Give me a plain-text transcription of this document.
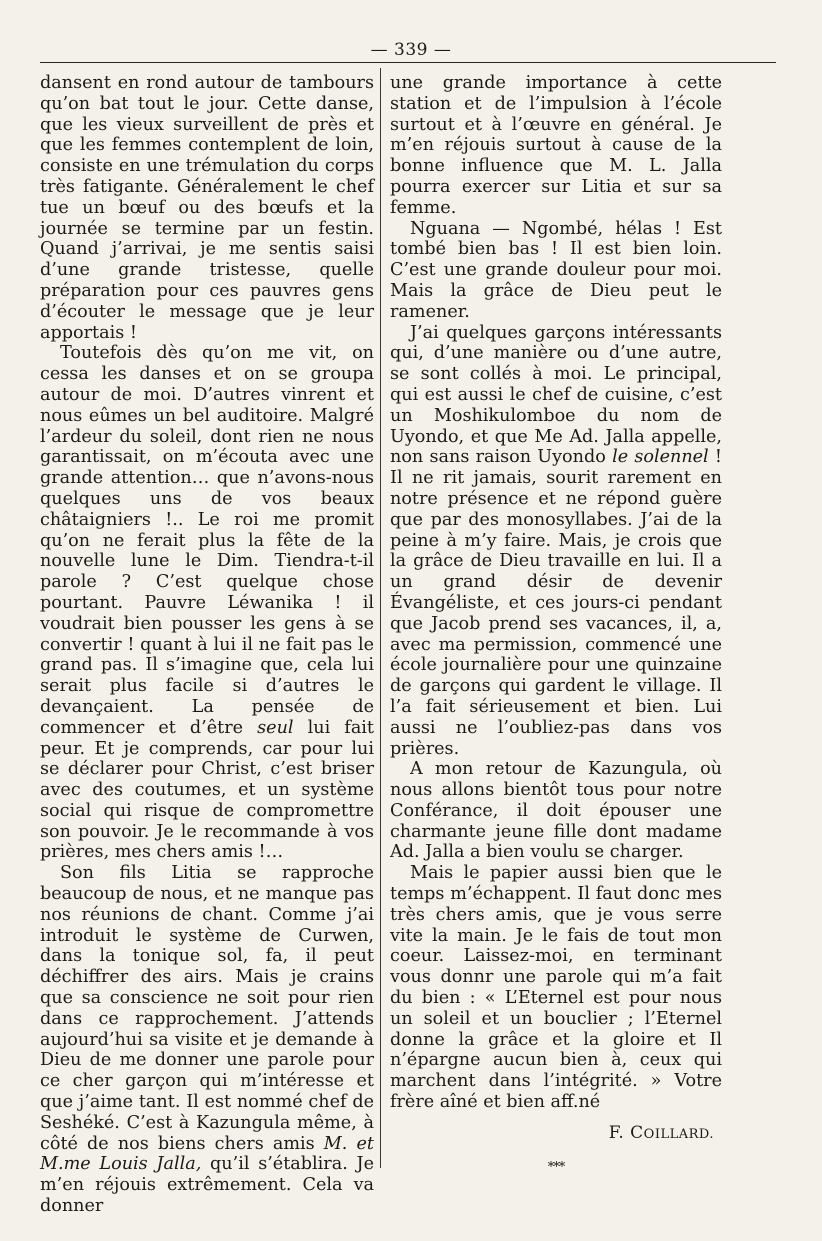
— 339 —

dansent en rond autour de tambours qu’on bat tout le jour. Cette danse, que les vieux surveillent de près et que les femmes contemplent de loin, consiste en une trémulation du corps très fatigante. Généralement le chef tue un bœuf ou des bœufs et la journée se termine par un festin. Quand j’arrivai, je me sentis saisi d’une grande tristesse, quelle préparation pour ces pauvres gens d’écouter le message que je leur apportais !

Toutefois dès qu’on me vit, on cessa les danses et on se groupa autour de moi. D’autres vinrent et nous eûmes un bel auditoire. Malgré l’ardeur du soleil, dont rien ne nous garantissait, on m’écouta avec une grande attention… que n’avons-nous quelques uns de vos beaux châtaigniers !.. Le roi me promit qu’on ne ferait plus la fête de la nouvelle lune le Dim. Tiendra-t-il parole ? C’est quelque chose pourtant. Pauvre Léwanika ! il voudrait bien pousser les gens à se convertir ! quant à lui il ne fait pas le grand pas. Il s’imagine que, cela lui serait plus facile si d’autres le devançaient. La pensée de commencer et d’être seul lui fait peur. Et je comprends, car pour lui se déclarer pour Christ, c’est briser avec des coutumes, et un système social qui risque de compromettre son pouvoir. Je le recommande à vos prières, mes chers amis !…

Son fils Litia se rapproche beaucoup de nous, et ne manque pas nos réunions de chant. Comme j’ai introduit le système de Curwen, dans la tonique sol, fa, il peut déchiffrer des airs. Mais je crains que sa conscience ne soit pour rien dans ce rapprochement. J’attends aujourd’hui sa visite et je demande à Dieu de me donner une parole pour ce cher garçon qui m’intéresse et que j’aime tant. Il est nommé chef de Seshéké. C’est à Kazungula même, à côté de nos biens chers amis M. et M.me Louis Jalla, qu’il s’établira. Je m’en réjouis extrêmement. Cela va donner

une grande importance à cette station et de l’impulsion à l’école surtout et à l’œuvre en général. Je m’en réjouis surtout à cause de la bonne influence que M. L. Jalla pourra exercer sur Litia et sur sa femme.

Nguana — Ngombé, hélas ! Est tombé bien bas ! Il est bien loin. C’est une grande douleur pour moi. Mais la grâce de Dieu peut le ramener.

J’ai quelques garçons intéressants qui, d’une manière ou d’une autre, se sont collés à moi. Le principal, qui est aussi le chef de cuisine, c’est un Moshikulomboe du nom de Uyondo, et que Me Ad. Jalla appelle, non sans raison Uyondo le solennel ! Il ne rit jamais, sourit rarement en notre présence et ne répond guère que par des monosyllabes. J’ai de la peine à m’y faire. Mais, je crois que la grâce de Dieu travaille en lui. Il a un grand désir de devenir Évangéliste, et ces jours-ci pendant que Jacob prend ses vacances, il, a, avec ma permission, commencé une école journalière pour une quinzaine de garçons qui gardent le village. Il l’a fait sérieusement et bien. Lui aussi ne l’oubliez-pas dans vos prières.

A mon retour de Kazungula, où nous allons bientôt tous pour notre Conférance, il doit épouser une charmante jeune fille dont madame Ad. Jalla a bien voulu se charger.

Mais le papier aussi bien que le temps m’échappent. Il faut donc mes très chers amis, que je vous serre vite la main. Je le fais de tout mon coeur. Laissez-moi, en terminant vous donnr une parole qui m’a fait du bien : « L’Eternel est pour nous un soleil et un bouclier ; l’Eternel donne la grâce et la gloire et Il n’épargne aucun bien à, ceux qui marchent dans l’intégrité. » Votre frère aîné et bien aff.né

F. COILLARD.
***
